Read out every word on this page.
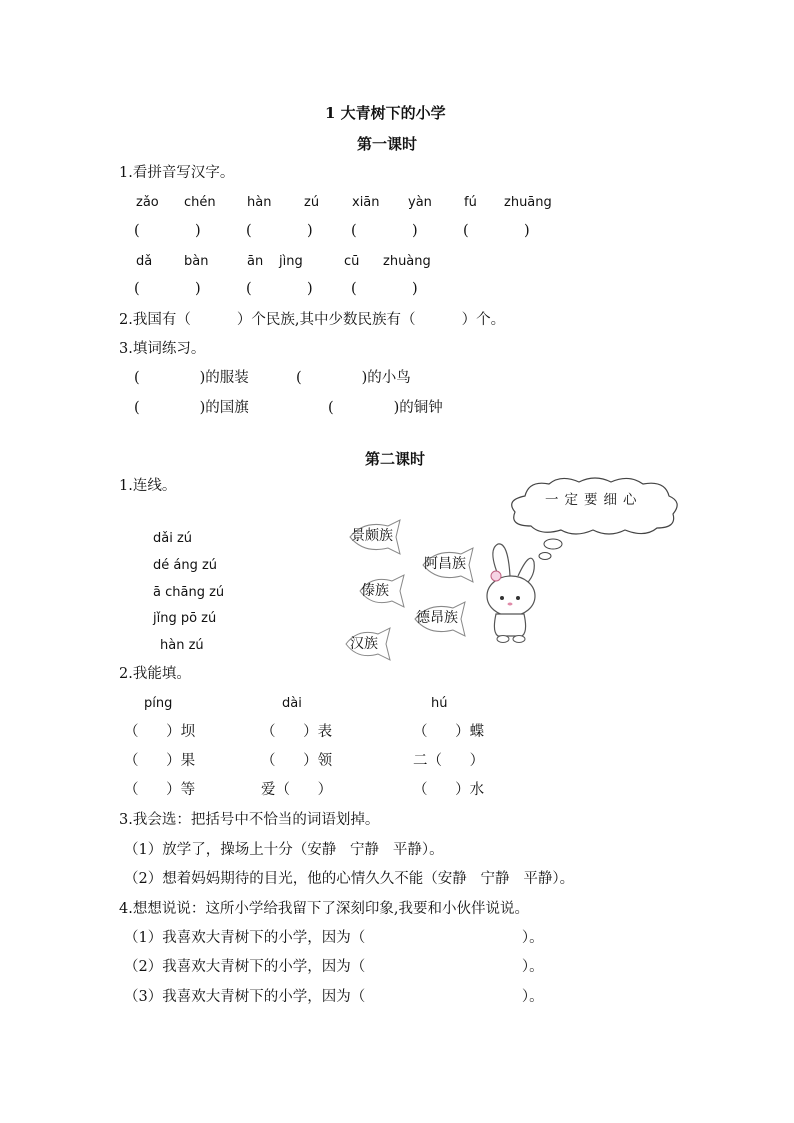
1 大青树下的小学
第一课时
1.看拼音写汉字。
zǎo chén hàn	zú	xiān yàn fú zhuāng
(            )	(            )	(            )	(            )
dǎ bàn	ān jìng	cū zhuàng
(            )	(            )	(            )
2.我国有（          ）个民族,其中少数民族有（          ）个。
3.填词练习。
(             )的服装	(             )的小鸟
(             )的国旗	(             )的铜钟
第二课时
1.连线。
一定要细心
dǎi zú
dé áng zú
ā chāng zú
jǐng pō zú
hàn zú
景颇族
阿昌族
傣族
德昂族
汉族
2.我能填。
píng	dài	hú
（      ）坝	（      ）表	（      ）蝶
（      ）果	（      ）领	二（      ）
（      ）等	爱（      ）	（      ）水
3.我会选：把括号中不恰当的词语划掉。
（1）放学了，操场上十分（安静   宁静   平静）。
（2）想着妈妈期待的目光，他的心情久久不能（安静   宁静   平静）。
4.想想说说：这所小学给我留下了深刻印象,我要和小伙伴说说。
（1）我喜欢大青树下的小学，因为（                                  ）。
（2）我喜欢大青树下的小学，因为（                                  ）。
（3）我喜欢大青树下的小学，因为（                                  ）。
